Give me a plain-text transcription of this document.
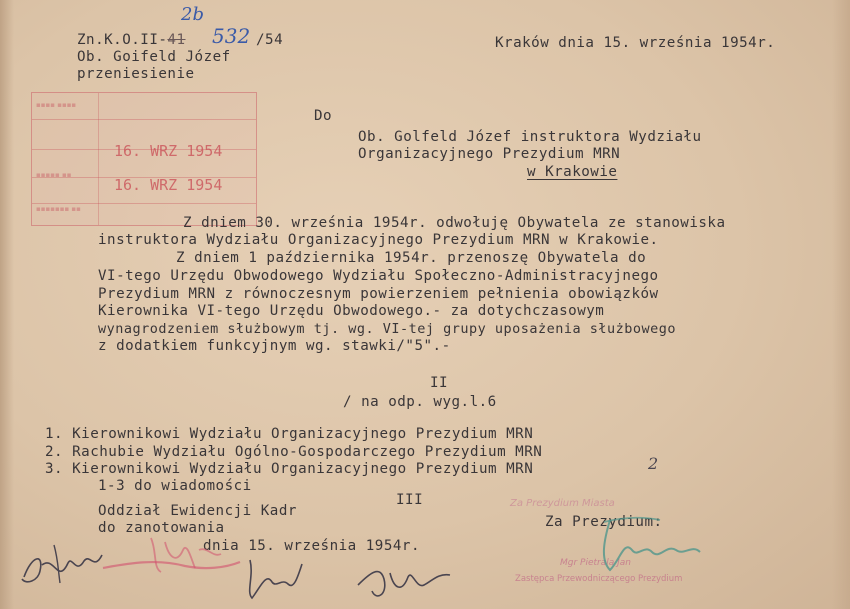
2b
Zn.K.O.II-41 532 /54
Ob. Goifeld Józef
przeniesienie
Kraków dnia 15. września 1954r.
▪▪▪▪ ▪▪▪▪
▪▪▪▪▪ ▪▪
▪▪▪▪▪▪▪ ▪▪
16. WRZ 1954
16. WRZ 1954
Do
Ob. Golfeld Józef instruktora Wydziału
Organizacyjnego Prezydium MRN
w Krakowie
Z dniem 30. września 1954r. odwołuję Obywatela ze stanowiska
instruktora Wydziału Organizacyjnego Prezydium MRN w Krakowie.
Z dniem 1 października 1954r. przenoszę Obywatela do
VI-tego Urzędu Obwodowego Wydziału Społeczno-Administracyjnego
Prezydium MRN z równoczesnym powierzeniem pełnienia obowiązków
Kierownika VI-tego Urzędu Obwodowego.- za dotychczasowym
wynagrodzeniem służbowym tj. wg. VI-tej grupy uposażenia służbowego
z dodatkiem funkcyjnym wg. stawki/"5".-
II
/ na odp. wyg.l.6
1. Kierownikowi Wydziału Organizacyjnego Prezydium MRN
2. Rachubie Wydziału Ogólno-Gospodarczego Prezydium MRN
3. Kierownikowi Wydziału Organizacyjnego Prezydium MRN	2
1-3 do wiadomości
III
Oddział Ewidencji Kadr
do zanotowania
dnia 15. września 1954r.
Za Prezydium Miasta
Za Prezydium:
Mgr Pietrala Jan
Zastępca Przewodniczącego Prezydium
